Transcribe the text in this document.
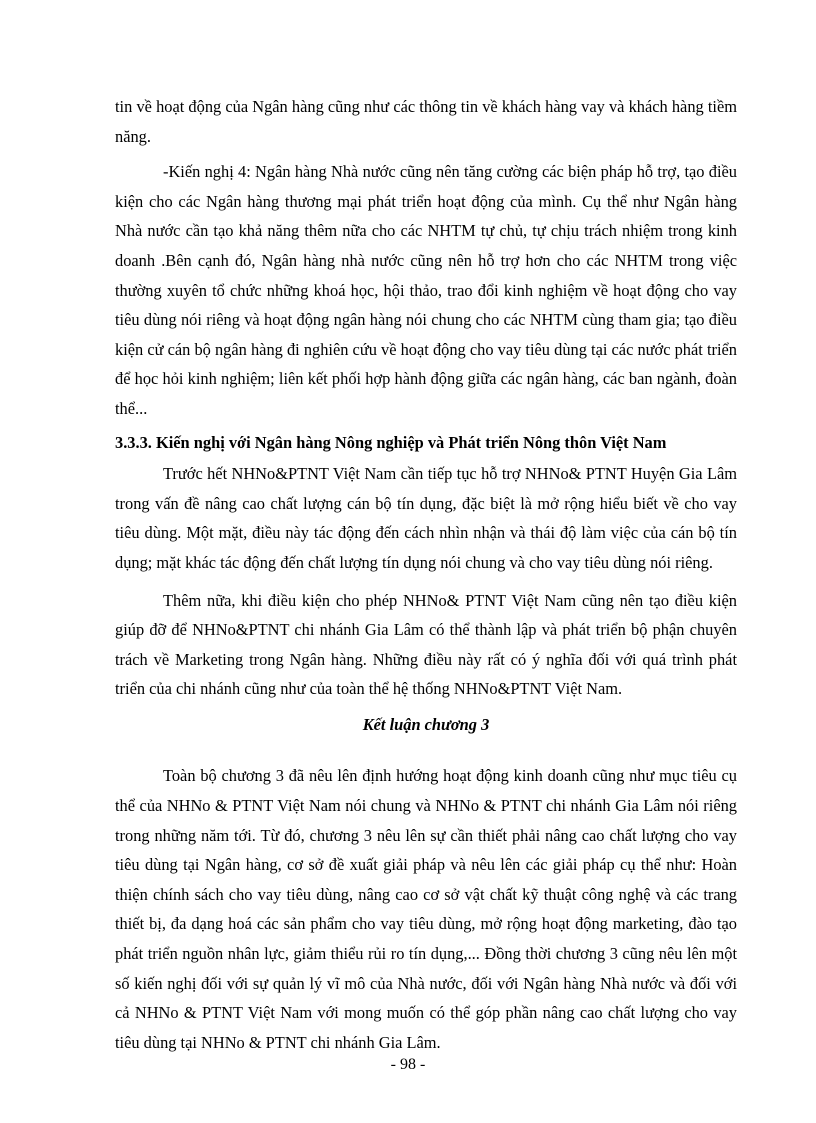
tin về hoạt động của Ngân hàng cũng như các thông tin về khách hàng vay và khách hàng tiềm năng.

-Kiến nghị 4: Ngân hàng Nhà nước cũng nên tăng cường các biện pháp hỗ trợ, tạo điều kiện cho các Ngân hàng thương mại phát triển hoạt động của mình. Cụ thể như Ngân hàng Nhà nước cần tạo khả năng thêm nữa cho các NHTM tự chủ, tự chịu trách nhiệm trong kinh doanh .Bên cạnh đó, Ngân hàng nhà nước cũng nên hỗ trợ hơn cho các NHTM trong việc thường xuyên tổ chức những khoá học, hội thảo, trao đổi kinh nghiệm về hoạt động cho vay tiêu dùng nói riêng và hoạt động ngân hàng nói chung cho các NHTM cùng tham gia; tạo điều kiện cử cán bộ ngân hàng đi nghiên cứu về hoạt động cho vay tiêu dùng tại các nước phát triển để học hỏi kinh nghiệm; liên kết phối hợp hành động giữa các ngân hàng, các ban ngành, đoàn thể...

3.3.3. Kiến nghị với Ngân hàng Nông nghiệp và Phát triển Nông thôn Việt Nam

Trước hết NHNo&PTNT Việt Nam cần tiếp tục hỗ trợ NHNo& PTNT Huyện Gia Lâm trong vấn đề nâng cao chất lượng cán bộ tín dụng, đặc biệt là mở rộng hiểu biết về cho vay tiêu dùng. Một mặt, điều này tác động đến cách nhìn nhận và thái độ làm việc của cán bộ tín dụng; mặt khác tác động đến chất lượng tín dụng nói chung và cho vay tiêu dùng nói riêng.

Thêm nữa, khi điều kiện cho phép NHNo& PTNT Việt Nam cũng nên tạo điều kiện giúp đỡ để NHNo&PTNT chi nhánh Gia Lâm có thể thành lập và phát triển bộ phận chuyên trách về Marketing trong Ngân hàng. Những điều này rất có ý nghĩa đối với quá trình phát triển của chi nhánh cũng như của toàn thể hệ thống NHNo&PTNT Việt Nam.

Kết luận chương 3

Toàn bộ chương 3 đã nêu lên định hướng hoạt động kinh doanh cũng như mục tiêu cụ thể của NHNo & PTNT Việt Nam nói chung và NHNo & PTNT chi nhánh Gia Lâm nói riêng trong những năm tới. Từ đó, chương 3 nêu lên sự cần thiết phải nâng cao chất lượng cho vay tiêu dùng tại Ngân hàng, cơ sở đề xuất giải pháp và nêu lên các giải pháp cụ thể như: Hoàn thiện chính sách cho vay tiêu dùng, nâng cao cơ sở vật chất kỹ thuật công nghệ và các trang thiết bị, đa dạng hoá các sản phẩm cho vay tiêu dùng, mở rộng hoạt động marketing, đào tạo phát triển nguồn nhân lực, giảm thiểu rủi ro tín dụng,... Đồng thời chương 3 cũng nêu lên một số kiến nghị đối với sự quản lý vĩ mô của Nhà nước, đối với Ngân hàng Nhà nước và đối với cả NHNo & PTNT Việt Nam với mong muốn có thể góp phần nâng cao chất lượng cho vay tiêu dùng tại NHNo & PTNT chi nhánh Gia Lâm.

- 98 -
